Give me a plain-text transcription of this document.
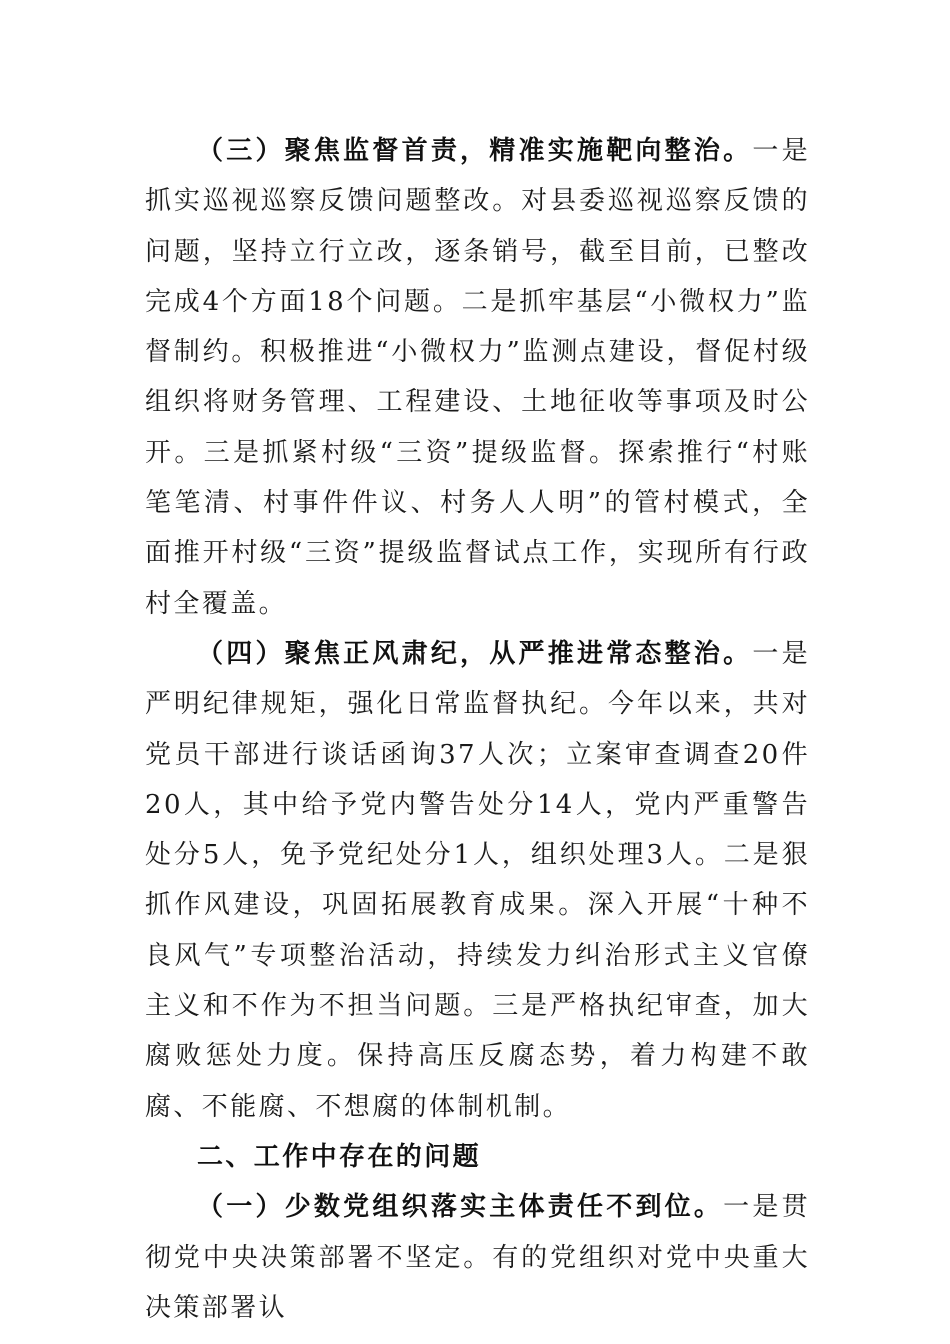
（三）聚焦监督首责，精准实施靶向整治。一是抓实巡视巡察反馈问题整改。对县委巡视巡察反馈的问题，坚持立行立改，逐条销号，截至目前，已整改完成4个方面18个问题。二是抓牢基层“小微权力”监督制约。积极推进“小微权力”监测点建设，督促村级组织将财务管理、工程建设、土地征收等事项及时公开。三是抓紧村级“三资”提级监督。探索推行“村账笔笔清、村事件件议、村务人人明”的管村模式，全面推开村级“三资”提级监督试点工作，实现所有行政村全覆盖。

（四）聚焦正风肃纪，从严推进常态整治。一是严明纪律规矩，强化日常监督执纪。今年以来，共对党员干部进行谈话函询37人次；立案审查调查20件20人，其中给予党内警告处分14人，党内严重警告处分5人，免予党纪处分1人，组织处理3人。二是狠抓作风建设，巩固拓展教育成果。深入开展“十种不良风气”专项整治活动，持续发力纠治形式主义官僚主义和不作为不担当问题。三是严格执纪审查，加大腐败惩处力度。保持高压反腐态势，着力构建不敢腐、不能腐、不想腐的体制机制。

二、工作中存在的问题

（一）少数党组织落实主体责任不到位。一是贯彻党中央决策部署不坚定。有的党组织对党中央重大决策部署认
